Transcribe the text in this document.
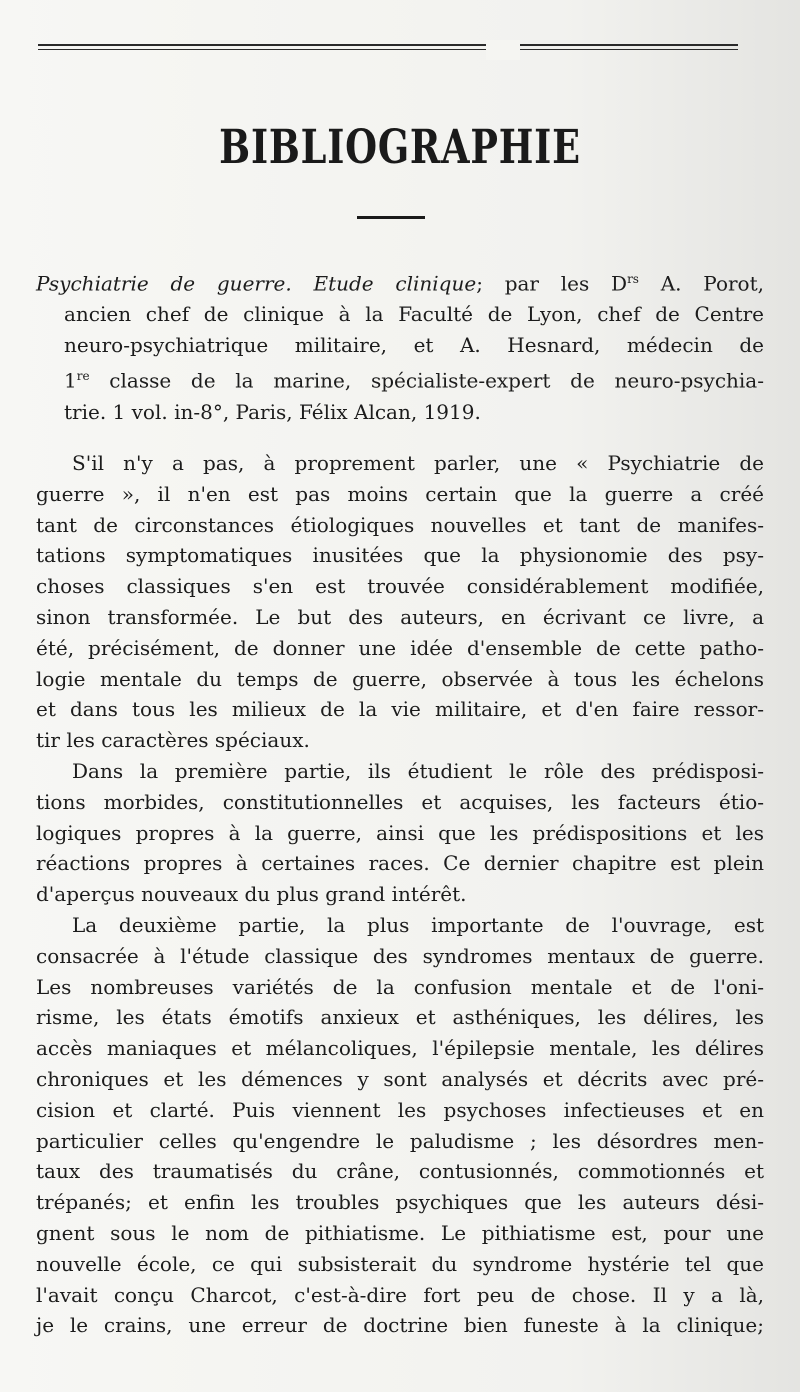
BIBLIOGRAPHIE
Psychiatrie de guerre. Etude clinique; par les $D^{rs}$ A. Porot,
ancien chef de clinique à la Faculté de Lyon, chef de Centre
neuro-psychiatrique militaire, et A. Hesnard, médecin de
1re classe de la marine, spécialiste-expert de neuro-psychia-
trie. 1 vol. in-8°, Paris, Félix Alcan, 1919.
S'il n'y a pas, à proprement parler, une « Psychiatrie de
guerre », il n'en est pas moins certain que la guerre a créé
tant de circonstances étiologiques nouvelles et tant de manifes-
tations symptomatiques inusitées que la physionomie des psy-
choses classiques s'en est trouvée considérablement modifiée,
sinon transformée. Le but des auteurs, en écrivant ce livre, a
été, précisément, de donner une idée d'ensemble de cette patho-
logie mentale du temps de guerre, observée à tous les échelons
et dans tous les milieux de la vie militaire, et d'en faire ressor-
tir les caractères spéciaux.
Dans la première partie, ils étudient le rôle des prédisposi-
tions morbides, constitutionnelles et acquises, les facteurs étio-
logiques propres à la guerre, ainsi que les prédispositions et les
réactions propres à certaines races. Ce dernier chapitre est plein
d'aperçus nouveaux du plus grand intérêt.
La deuxième partie, la plus importante de l'ouvrage, est
consacrée à l'étude classique des syndromes mentaux de guerre.
Les nombreuses variétés de la confusion mentale et de l'oni-
risme, les états émotifs anxieux et asthéniques, les délires, les
accès maniaques et mélancoliques, l'épilepsie mentale, les délires
chroniques et les démences y sont analysés et décrits avec pré-
cision et clarté. Puis viennent les psychoses infectieuses et en
particulier celles qu'engendre le paludisme ; les désordres men-
taux des traumatisés du crâne, contusionnés, commotionnés et
trépanés; et enfin les troubles psychiques que les auteurs dési-
gnent sous le nom de pithiatisme. Le pithiatisme est, pour une
nouvelle école, ce qui subsisterait du syndrome hystérie tel que
l'avait conçu Charcot, c'est-à-dire fort peu de chose. Il y a là,
je le crains, une erreur de doctrine bien funeste à la clinique;
